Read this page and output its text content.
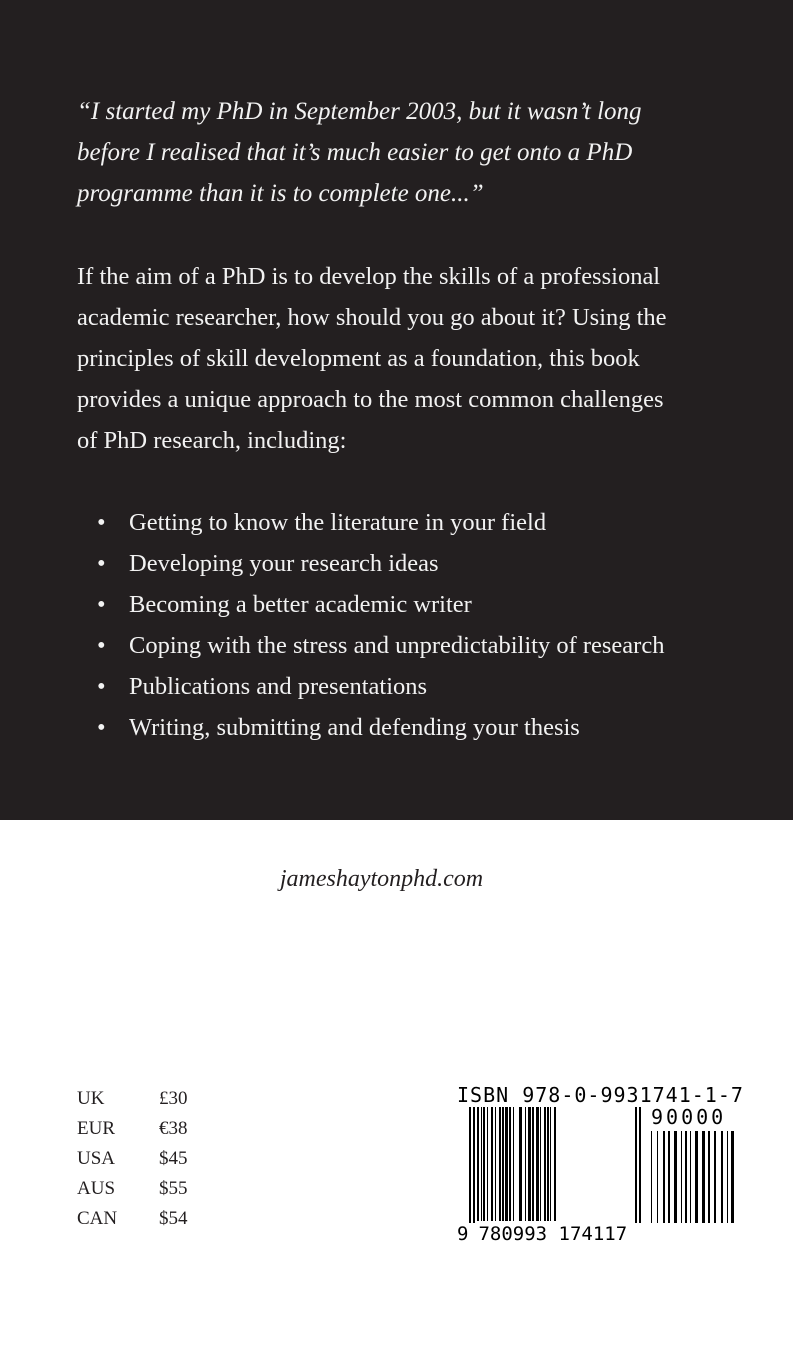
“I started my PhD in September 2003, but it wasn’t long
before I realised that it’s much easier to get onto a PhD
programme than it is to complete one...”

If the aim of a PhD is to develop the skills of a professional
academic researcher, how should you go about it? Using the
principles of skill development as a foundation, this book
provides a unique approach to the most common challenges
of PhD research, including:

• Getting to know the literature in your field
• Developing your research ideas
• Becoming a better academic writer
• Coping with the stress and unpredictability of research
• Publications and presentations
• Writing, submitting and defending your thesis
jameshaytonphd.com
UK	£30
EUR	€38
USA	$45
AUS	$55
CAN	$54
ISBN 978-0-9931741-1-7
90000
9 780993 174117
